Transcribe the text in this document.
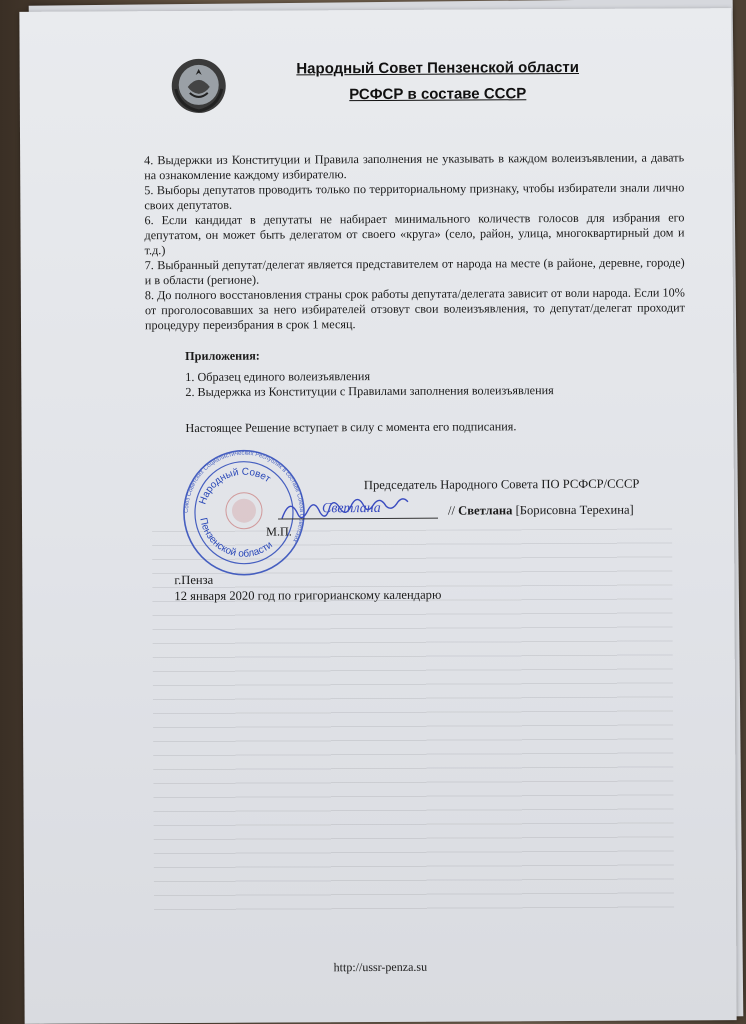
Народный Совет Пензенской области
РСФСР в составе СССР

4. Выдержки из Конституции и Правила заполнения не указывать в каждом волеизъявлении, а давать на ознакомление каждому избирателю.

5. Выборы депутатов проводить только по территориальному признаку, чтобы избиратели знали лично своих депутатов.

6. Если кандидат в депутаты не набирает минимального количеств голосов для избрания его депутатом, он может быть делегатом от своего «круга» (село, район, улица, многоквартирный дом и т.д.)

7. Выбранный депутат/делегат является представителем от народа на месте (в районе, деревне, городе) и в области (регионе).

8. До полного восстановления страны срок работы депутата/делегата зависит от воли народа. Если 10% от проголосовавших за него избирателей отзовут свои волеизъявления, то депутат/делегат проходит процедуру переизбрания в срок 1 месяц.

Приложения:

1. Образец единого волеизъявления

2. Выдержка из Конституции с Правилами заполнения волеизъявления

Настоящее Решение вступает в силу с момента его подписания.
Союз Советских Социалистических Республик в составе Союза Советских
Народный Совет
Пензенской области
Председатель Народного Совета ПО РСФСР/СССР
Светлана	// Светлана [Борисовна Терехина]
М.П.
г.Пенза
12 января 2020 год по григорианскому календарю
http://ussr-penza.su
